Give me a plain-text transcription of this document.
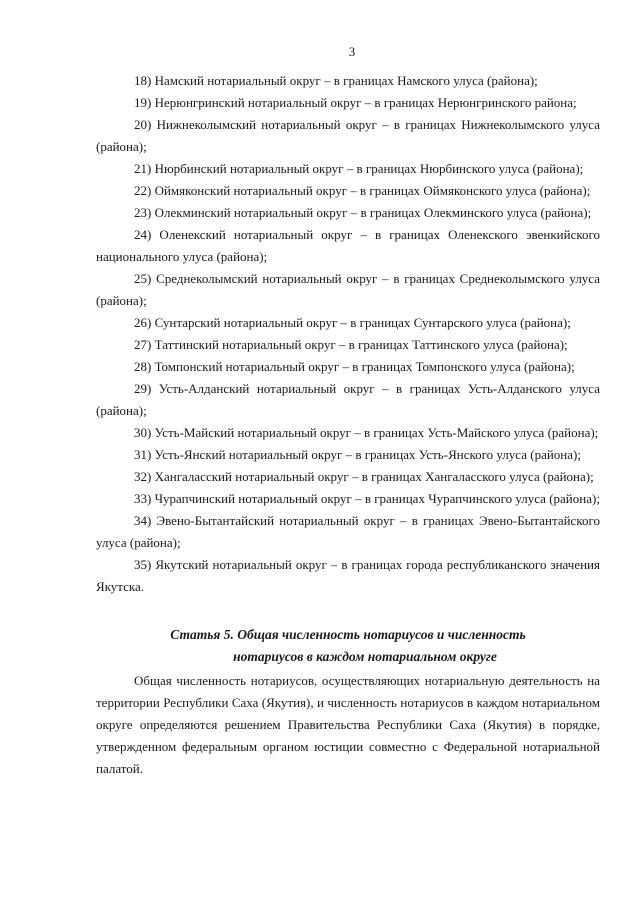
3

18) Намский нотариальный округ – в границах Намского улуса (района);

19) Нерюнгринский нотариальный округ – в границах Нерюнгринского района;

20) Нижнеколымский нотариальный округ – в границах Нижнеколымского улуса (района);

21) Нюрбинский нотариальный округ – в границах Нюрбинского улуса (района);

22) Оймяконский нотариальный округ – в границах Оймяконского улуса (района);

23) Олекминский нотариальный округ – в границах Олекминского улуса (района);

24) Оленекский нотариальный округ – в границах Оленекского эвенкийского национального улуса (района);

25) Среднеколымский нотариальный округ – в границах Среднеколымского улуса (района);

26) Сунтарский нотариальный округ – в границах Сунтарского улуса (района);

27) Таттинский нотариальный округ – в границах Таттинского улуса (района);

28) Томпонский нотариальный округ – в границах Томпонского улуса (района);

29) Усть-Алданский нотариальный округ – в границах Усть-Алданского улуса (района);

30) Усть-Майский нотариальный округ – в границах Усть-Майского улуса (района);

31) Усть-Янский нотариальный округ – в границах Усть-Янского улуса (района);

32) Хангаласский нотариальный округ – в границах Хангаласского улуса (района);

33) Чурапчинский нотариальный округ – в границах Чурапчинского улуса (района);

34) Эвено-Бытантайский нотариальный округ – в границах Эвено-Бытантайского улуса (района);

35) Якутский нотариальный округ – в границах города республиканского значения Якутска.

Статья 5. Общая численность нотариусов и численность
нотариусов в каждом нотариальном округе

Общая численность нотариусов, осуществляющих нотариальную деятельность на территории Республики Саха (Якутия), и численность нотариусов в каждом нотариальном округе определяются решением Правительства Республики Саха (Якутия) в порядке, утвержденном федеральным органом юстиции совместно с Федеральной нотариальной палатой.
